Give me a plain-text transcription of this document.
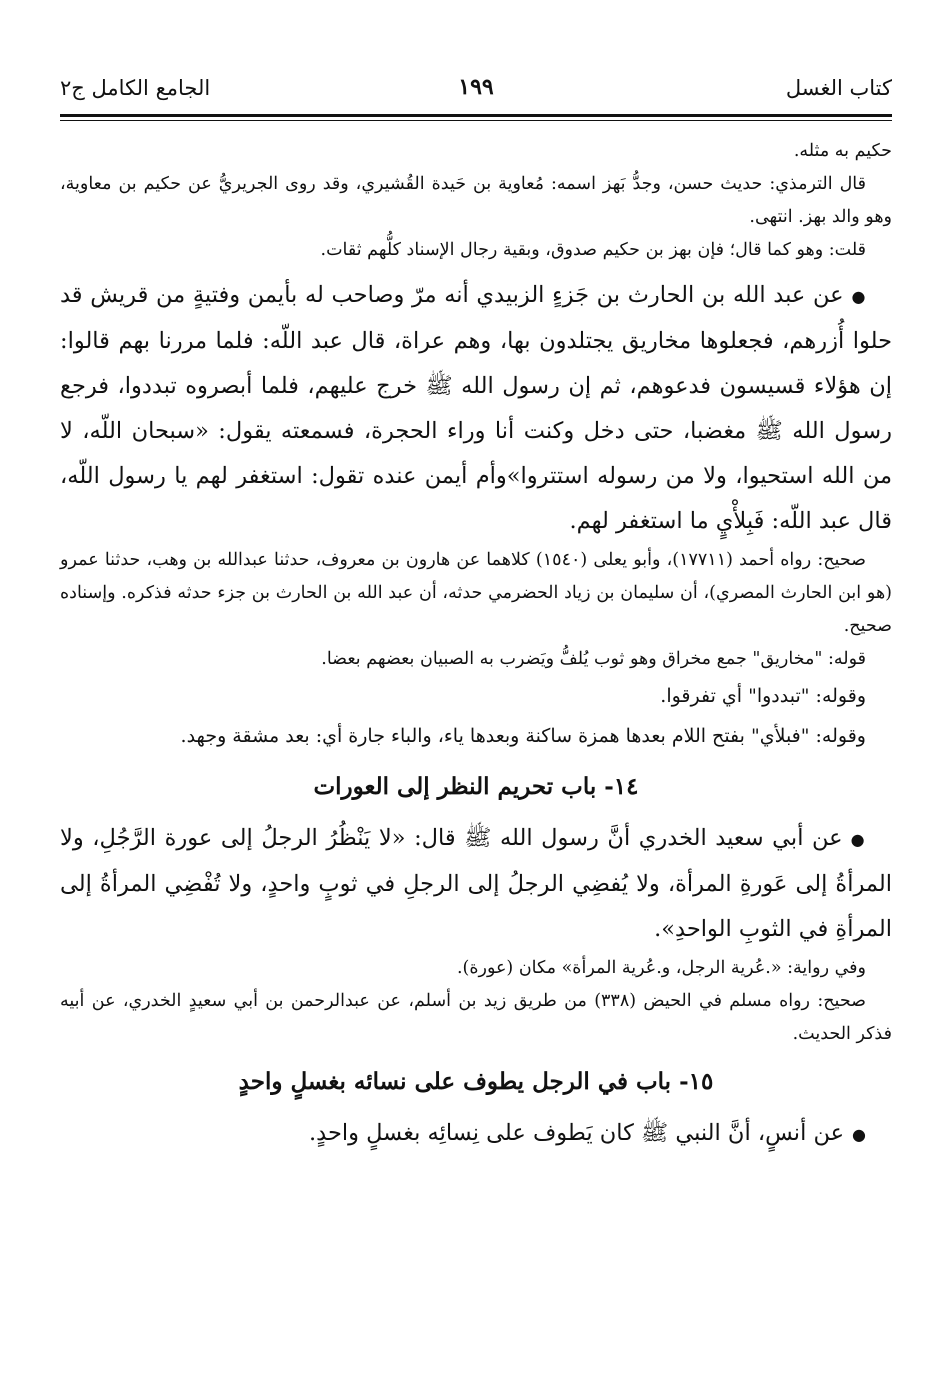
كتاب الغسل
١٩٩
الجامع الكامل ج٢

حكيم به مثله.

قال الترمذي: حديث حسن، وجدُّ بَهز اسمه: مُعاوية بن حَيدة القُشيري، وقد روى الجريريُّ عن حكيم بن معاوية، وهو والد بهز. انتهى.

قلت: وهو كما قال؛ فإن بهز بن حكيم صدوق، وبقية رجال الإسناد كلُّهم ثقات.

●عن عبد الله بن الحارث بن جَزءٍ الزبيدي أنه مرّ وصاحب له بأيمن وفتيةٍ من قريش قد حلوا أُزرهم، فجعلوها مخاريق يجتلدون بها، وهم عراة، قال عبد اللّه: فلما مررنا بهم قالوا: إن هؤلاء قسيسون فدعوهم، ثم إن رسول الله ﷺ خرج عليهم، فلما أبصروه تبددوا، فرجع رسول الله ﷺ مغضبا، حتى دخل وكنت أنا وراء الحجرة، فسمعته يقول: «سبحان اللّه، لا من الله استحيوا، ولا من رسوله استتروا»وأم أيمن عنده تقول: استغفر لهم يا رسول اللّه، قال عبد اللّه: فَبِلأْيٍ ما استغفر لهم.

صحيح: رواه أحمد (١٧٧١١)، وأبو يعلى (١٥٤٠) كلاهما عن هارون بن معروف، حدثنا عبدالله بن وهب، حدثنا عمرو (هو ابن الحارث المصري)، أن سليمان بن زياد الحضرمي حدثه، أن عبد الله بن الحارث بن جزء حدثه فذكره. وإسناده صحيح.

قوله: "مخاريق" جمع مخراق وهو ثوب يُلفُّ ويَضرب به الصبيان بعضهم بعضا.

وقوله: "تبددوا" أي تفرقوا.

وقوله: "فبلأي" بفتح اللام بعدها همزة ساكنة وبعدها ياء، والباء جارة أي: بعد مشقة وجهد.

١٤- باب تحريم النظر إلى العورات

●عن أبي سعيد الخدري أنَّ رسول الله ﷺ قال: «لا يَنْظُرُ الرجلُ إلى عورة الرَّجُلِ، ولا المرأةُ إلى عَورةِ المرأة، ولا يُفضِي الرجلُ إلى الرجلِ في ثوبٍ واحدٍ، ولا تُفْضِي المرأةُ إلى المرأةِ في الثوبِ الواحدِ».

وفي رواية: «.عُرية الرجل، و.عُرية المرأة» مكان (عورة).

صحيح: رواه مسلم في الحيض (٣٣٨) من طريق زيد بن أسلم، عن عبدالرحمن بن أبي سعيدٍ الخدري، عن أبيه فذكر الحديث.

١٥- باب في الرجل يطوف على نسائه بغسلٍ واحدٍ

●عن أنسٍ، أنَّ النبي ﷺ كان يَطوف على نِسائِه بغسلٍ واحدٍ.
